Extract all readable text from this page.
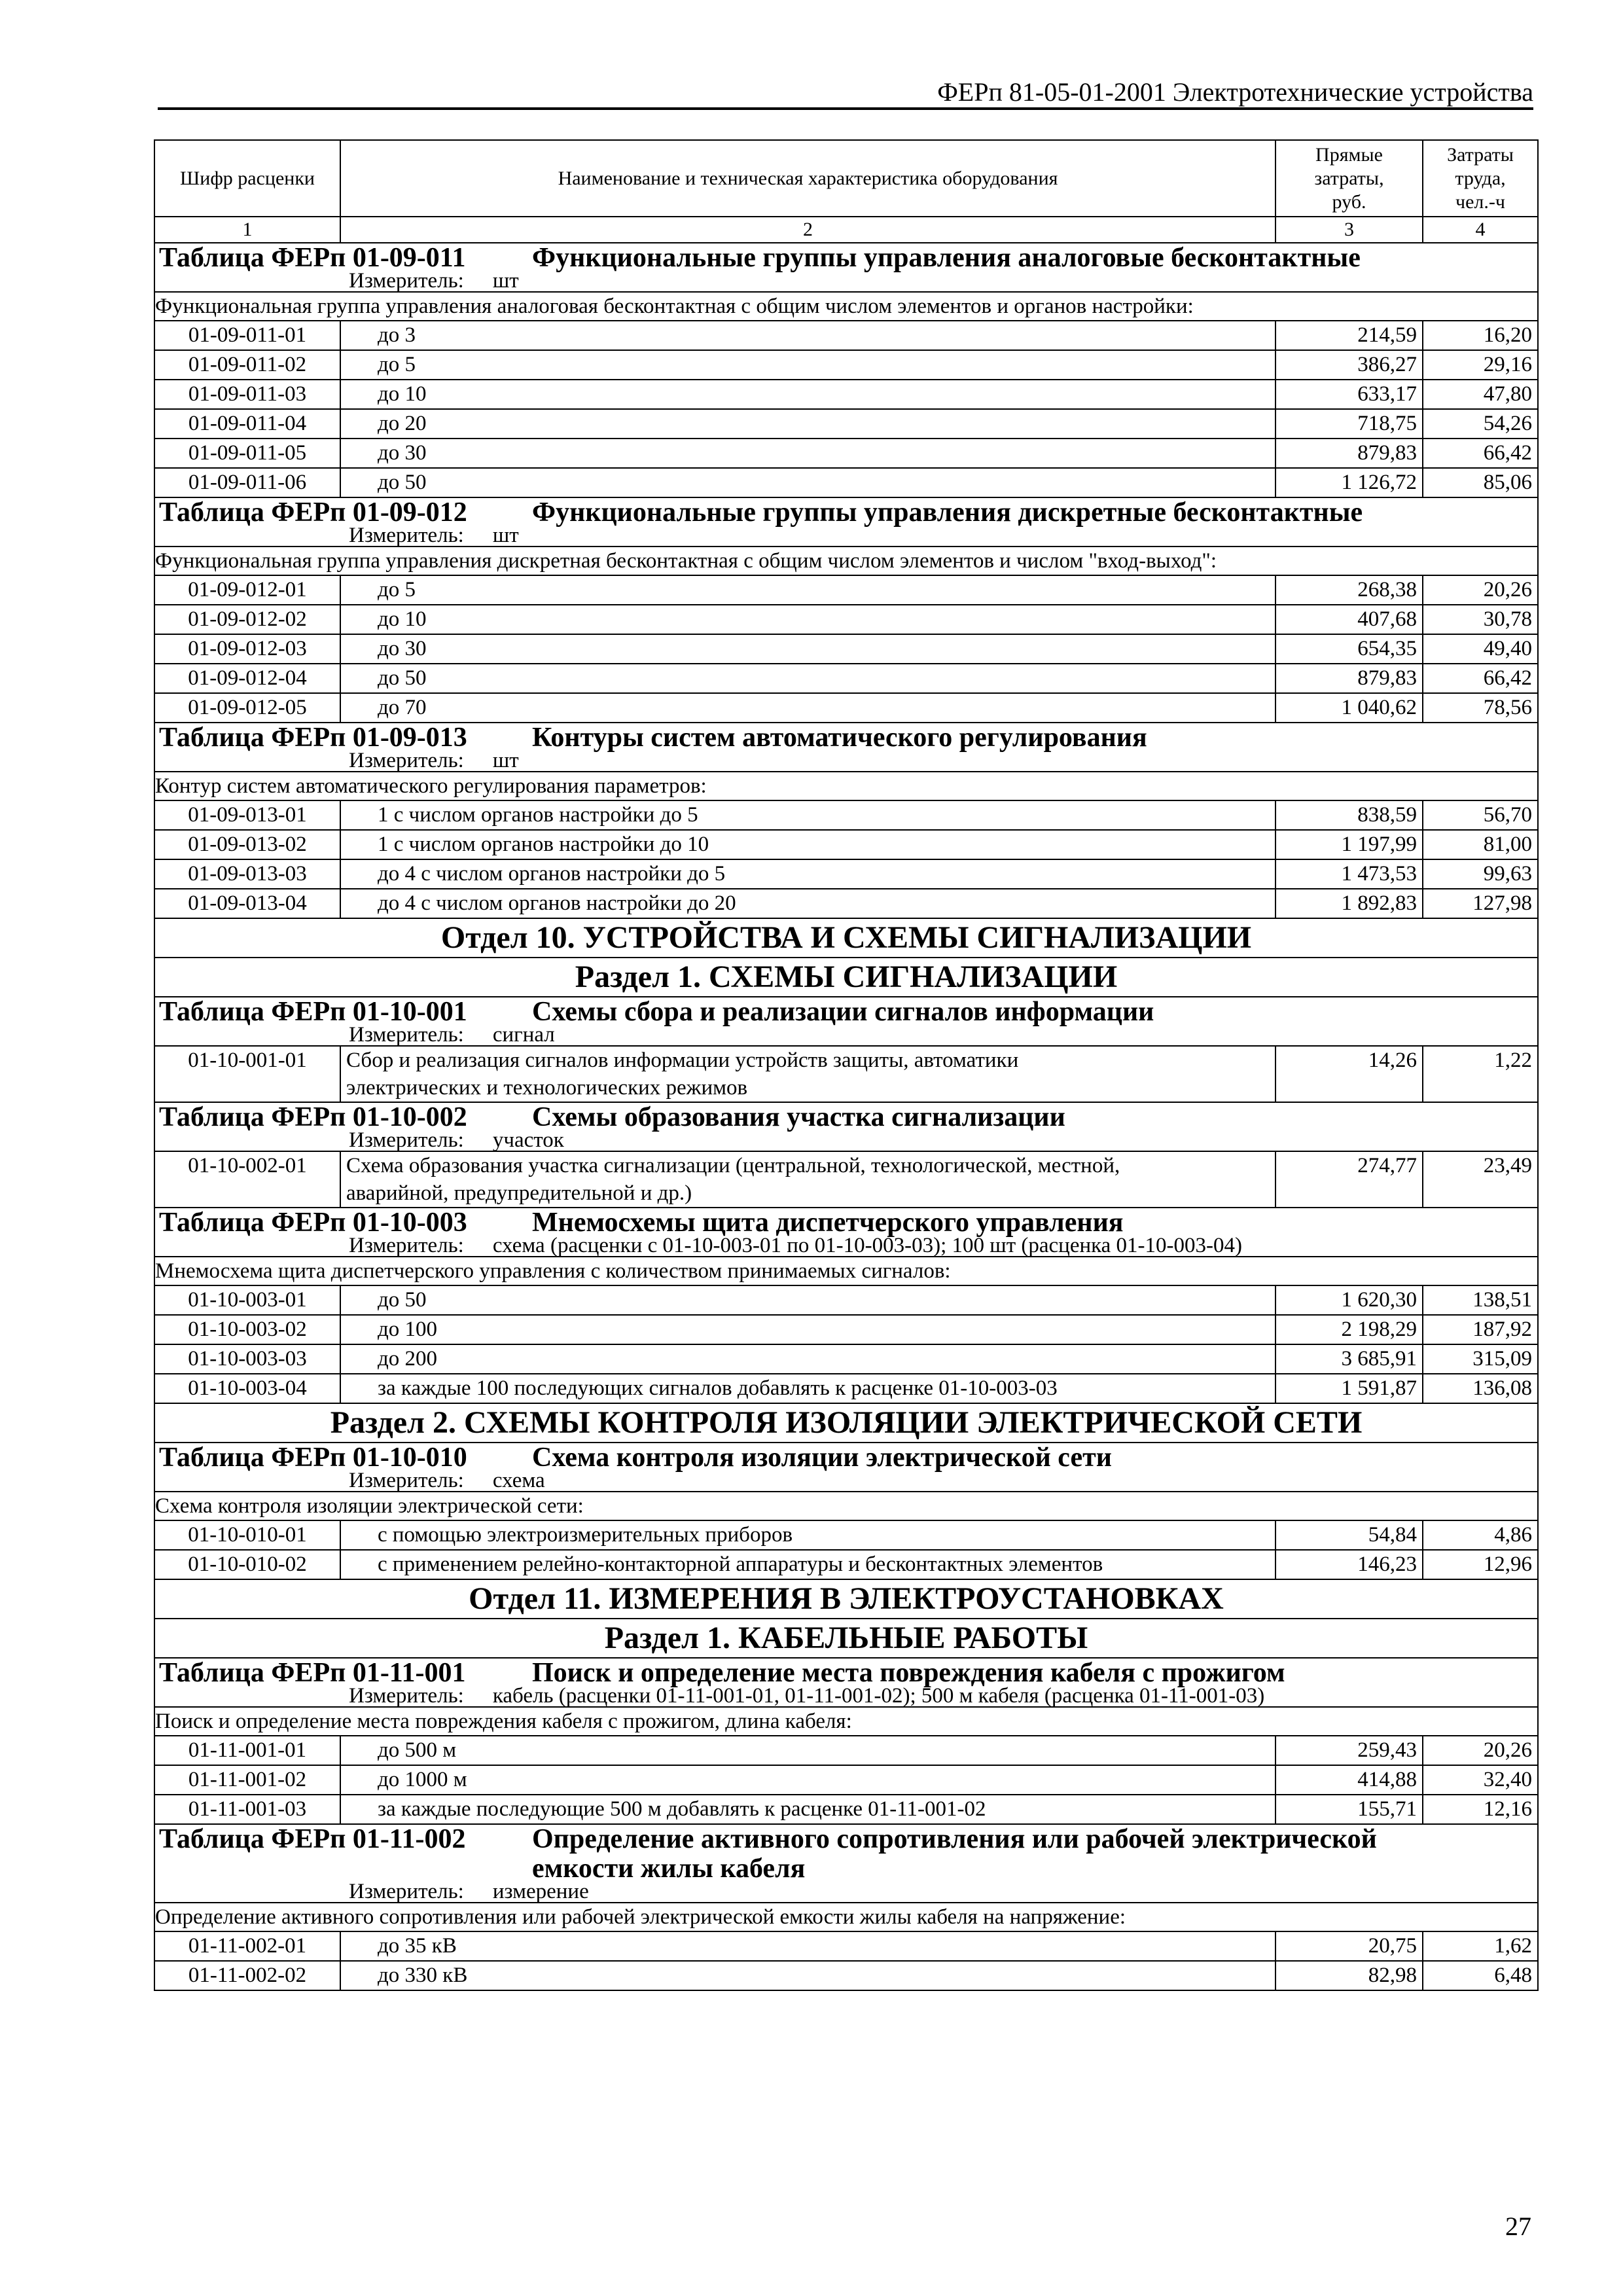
ФЕРп 81-05-01-2001 Электротехнические устройства
Шифр расценки	Наименование и техническая характеристика оборудования	Прямые затраты, руб.	Затраты труда, чел.-ч
1	2	3	4

Таблица ФЕРп 01-09-011 Функциональные группы управления аналоговые бесконтактные
Измеритель: шт			

Функциональная группа управления аналоговая бесконтактная с общим числом элементов и органов настройки:			
01-09-011-01	до 3	214,59	16,20
01-09-011-02	до 5	386,27	29,16
01-09-011-03	до 10	633,17	47,80
01-09-011-04	до 20	718,75	54,26
01-09-011-05	до 30	879,83	66,42
01-09-011-06	до 50	1 126,72	85,06

Таблица ФЕРп 01-09-012 Функциональные группы управления дискретные бесконтактные
Измеритель: шт			

Функциональная группа управления дискретная бесконтактная с общим числом элементов и числом "вход-выход":			
01-09-012-01	до 5	268,38	20,26
01-09-012-02	до 10	407,68	30,78
01-09-012-03	до 30	654,35	49,40
01-09-012-04	до 50	879,83	66,42
01-09-012-05	до 70	1 040,62	78,56

Таблица ФЕРп 01-09-013 Контуры систем автоматического регулирования
Измеритель: шт			

Контур систем автоматического регулирования параметров:			
01-09-013-01	1 с числом органов настройки до 5	838,59	56,70
01-09-013-02	1 с числом органов настройки до 10	1 197,99	81,00
01-09-013-03	до 4 с числом органов настройки до 5	1 473,53	99,63
01-09-013-04	до 4 с числом органов настройки до 20	1 892,83	127,98
Отдел 10. УСТРОЙСТВА И СХЕМЫ СИГНАЛИЗАЦИИ			
Раздел 1. СХЕМЫ СИГНАЛИЗАЦИИ			

Таблица ФЕРп 01-10-001 Схемы сбора и реализации сигналов информации
Измеритель: сигнал			

01-10-001-01	Сбор и реализация сигналов информации устройств защиты, автоматики электрических и технологических режимов	14,26	1,22

Таблица ФЕРп 01-10-002 Схемы образования участка сигнализации
Измеритель: участок			

01-10-002-01	Схема образования участка сигнализации (центральной, технологической, местной, аварийной, предупредительной и др.)	274,77	23,49

Таблица ФЕРп 01-10-003 Мнемосхемы щита диспетчерского управления
Измеритель: схема (расценки с 01-10-003-01 по 01-10-003-03); 100 шт (расценка 01-10-003-04)			

Мнемосхема щита диспетчерского управления с количеством принимаемых сигналов:			
01-10-003-01	до 50	1 620,30	138,51
01-10-003-02	до 100	2 198,29	187,92
01-10-003-03	до 200	3 685,91	315,09
01-10-003-04	за каждые 100 последующих сигналов добавлять к расценке 01-10-003-03	1 591,87	136,08
Раздел 2. СХЕМЫ КОНТРОЛЯ ИЗОЛЯЦИИ ЭЛЕКТРИЧЕСКОЙ СЕТИ			

Таблица ФЕРп 01-10-010 Схема контроля изоляции электрической сети
Измеритель: схема			

Схема контроля изоляции электрической сети:			
01-10-010-01	с помощью электроизмерительных приборов	54,84	4,86
01-10-010-02	с применением релейно-контакторной аппаратуры и бесконтактных элементов	146,23	12,96
Отдел 11. ИЗМЕРЕНИЯ В ЭЛЕКТРОУСТАНОВКАХ			
Раздел 1. КАБЕЛЬНЫЕ РАБОТЫ			

Таблица ФЕРп 01-11-001 Поиск и определение места повреждения кабеля с прожигом
Измеритель: кабель (расценки 01-11-001-01, 01-11-001-02); 500 м кабеля (расценка 01-11-001-03)			

Поиск и определение места повреждения кабеля с прожигом, длина кабеля:			
01-11-001-01	до 500 м	259,43	20,26
01-11-001-02	до 1000 м	414,88	32,40
01-11-001-03	за каждые последующие 500 м добавлять к расценке 01-11-001-02	155,71	12,16

Таблица ФЕРп 01-11-002 Определение активного сопротивления или рабочей электрической емкости жилы кабеля
Измеритель: измерение			

Определение активного сопротивления или рабочей электрической емкости жилы кабеля на напряжение:			
01-11-002-01	до 35 кВ	20,75	1,62
01-11-002-02	до 330 кВ	82,98	6,48
27
